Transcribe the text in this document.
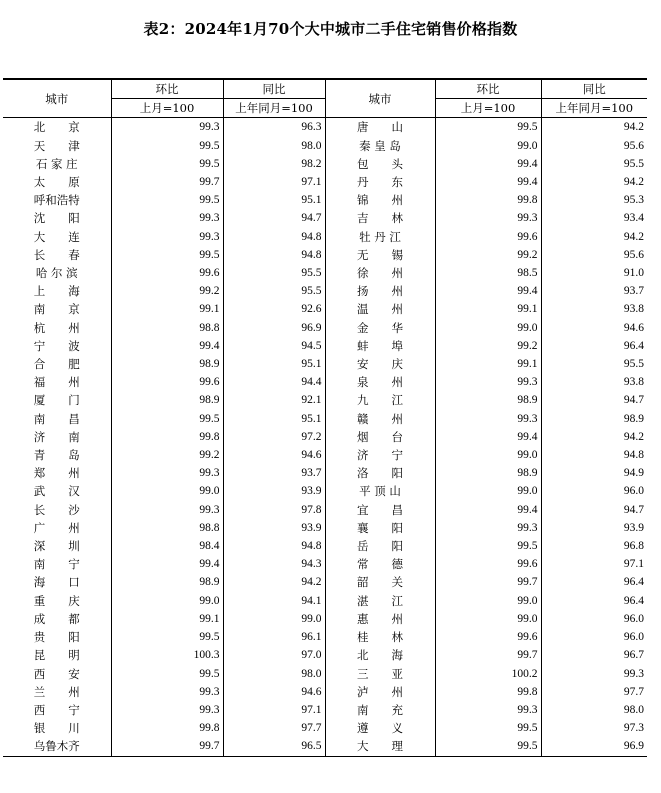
表2：2024年1月70个大中城市二手住宅销售价格指数
城市	环比	同比	城市	环比	同比
	上月=100	上年同月=100		上月=100	上年同月=100
北　　京	99.3	96.3	唐　　山	99.5	94.2
天　　津	99.5	98.0	秦 皇 岛	99.0	95.6
石 家 庄	99.5	98.2	包　　头	99.4	95.5
太　　原	99.7	97.1	丹　　东	99.4	94.2
呼和浩特	99.5	95.1	锦　　州	99.8	95.3
沈　　阳	99.3	94.7	吉　　林	99.3	93.4
大　　连	99.3	94.8	牡 丹 江	99.6	94.2
长　　春	99.5	94.8	无　　锡	99.2	95.6
哈 尔 滨	99.6	95.5	徐　　州	98.5	91.0
上　　海	99.2	95.5	扬　　州	99.4	93.7
南　　京	99.1	92.6	温　　州	99.1	93.8
杭　　州	98.8	96.9	金　　华	99.0	94.6
宁　　波	99.4	94.5	蚌　　埠	99.2	96.4
合　　肥	98.9	95.1	安　　庆	99.1	95.5
福　　州	99.6	94.4	泉　　州	99.3	93.8
厦　　门	98.9	92.1	九　　江	98.9	94.7
南　　昌	99.5	95.1	赣　　州	99.3	98.9
济　　南	99.8	97.2	烟　　台	99.4	94.2
青　　岛	99.2	94.6	济　　宁	99.0	94.8
郑　　州	99.3	93.7	洛　　阳	98.9	94.9
武　　汉	99.0	93.9	平 顶 山	99.0	96.0
长　　沙	99.3	97.8	宜　　昌	99.4	94.7
广　　州	98.8	93.9	襄　　阳	99.3	93.9
深　　圳	98.4	94.8	岳　　阳	99.5	96.8
南　　宁	99.4	94.3	常　　德	99.6	97.1
海　　口	98.9	94.2	韶　　关	99.7	96.4
重　　庆	99.0	94.1	湛　　江	99.0	96.4
成　　都	99.1	99.0	惠　　州	99.0	96.0
贵　　阳	99.5	96.1	桂　　林	99.6	96.0
昆　　明	100.3	97.0	北　　海	99.7	96.7
西　　安	99.5	98.0	三　　亚	100.2	99.3
兰　　州	99.3	94.6	泸　　州	99.8	97.7
西　　宁	99.3	97.1	南　　充	99.3	98.0
银　　川	99.8	97.7	遵　　义	99.5	97.3
乌鲁木齐	99.7	96.5	大　　理	99.5	96.9
